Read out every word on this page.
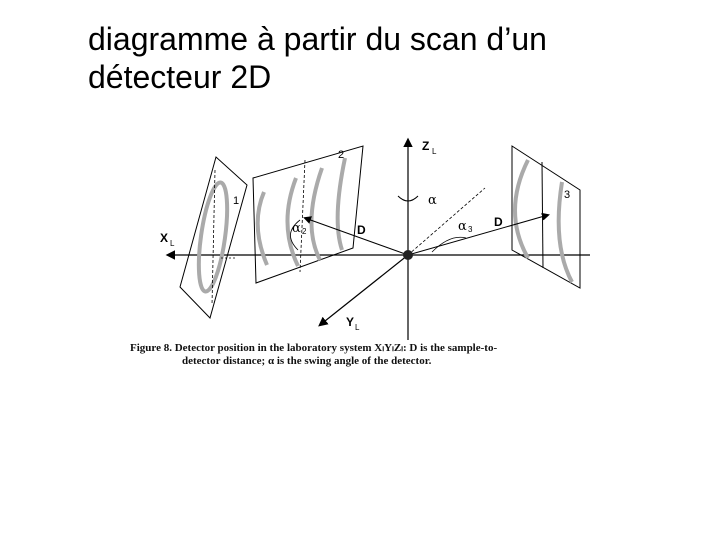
diagramme à partir du scan d’un
détecteur 2D
Z L
X L
Y L
α
α 2	α 3
D
D
1
2
3
Figure 8. Detector position in the laboratory system XₗYₗZₗ: D is the sample-to-
detector distance; α is the swing angle of the detector.
